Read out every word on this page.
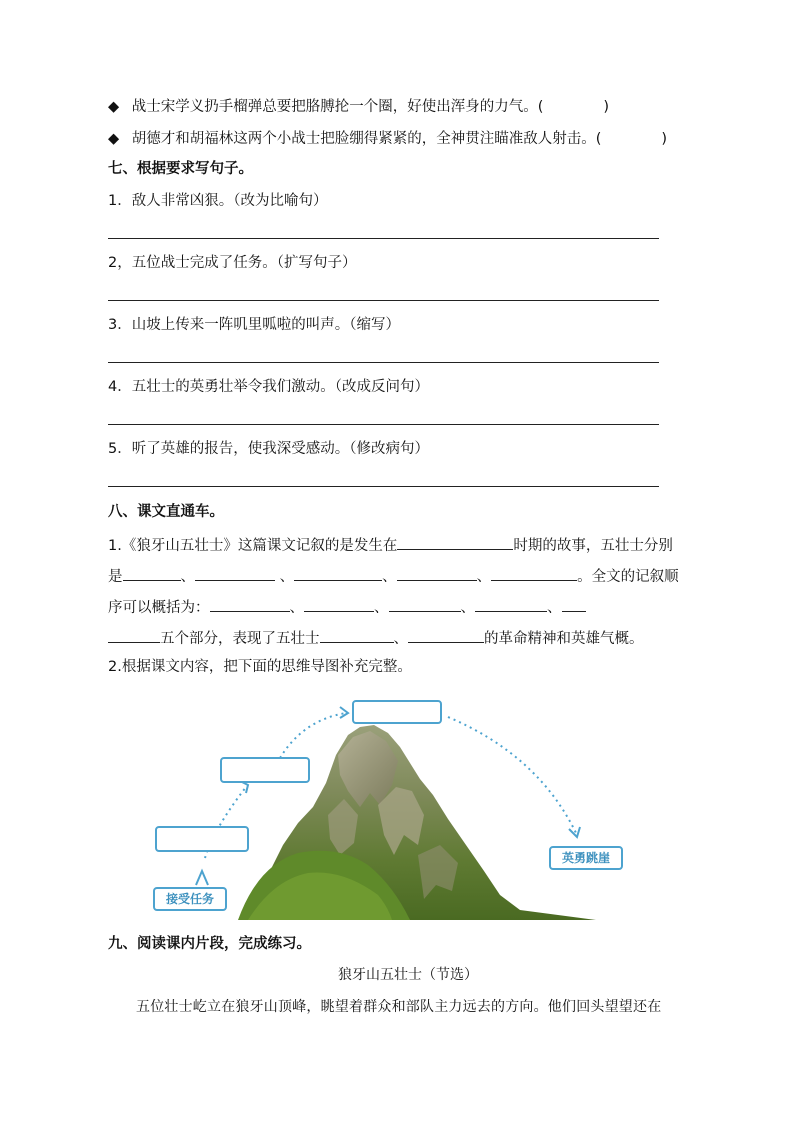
◆ 战士宋学义扔手榴弹总要把胳膊抡一个圈，好使出浑身的力气。(	)
◆ 胡德才和胡福林这两个小战士把脸绷得紧紧的，全神贯注瞄准敌人射击。(	)
七、根据要求写句子。
1．敌人非常凶狠。（改为比喻句）
2，五位战士完成了任务。（扩写句子）
3．山坡上传来一阵叽里呱啦的叫声。（缩写）
4．五壮士的英勇壮举令我们激动。（改成反问句）
5．听了英雄的报告，使我深受感动。（修改病句）
八、课文直通车。
1.《狼牙山五壮士》这篇课文记叙的是发生在	时期的故事，五壮士分别
是	、	、	、	、	。全文的记叙顺
序可以概括为：	、	、	、	、
五个部分，表现了五壮士	、	的革命精神和英雄气概。
2.根据课文内容，把下面的思维导图补充完整。
接受任务
英勇跳崖
九、阅读课内片段，完成练习。
狼牙山五壮士（节选）
五位壮士屹立在狼牙山顶峰，眺望着群众和部队主力远去的方向。他们回头望望还在
